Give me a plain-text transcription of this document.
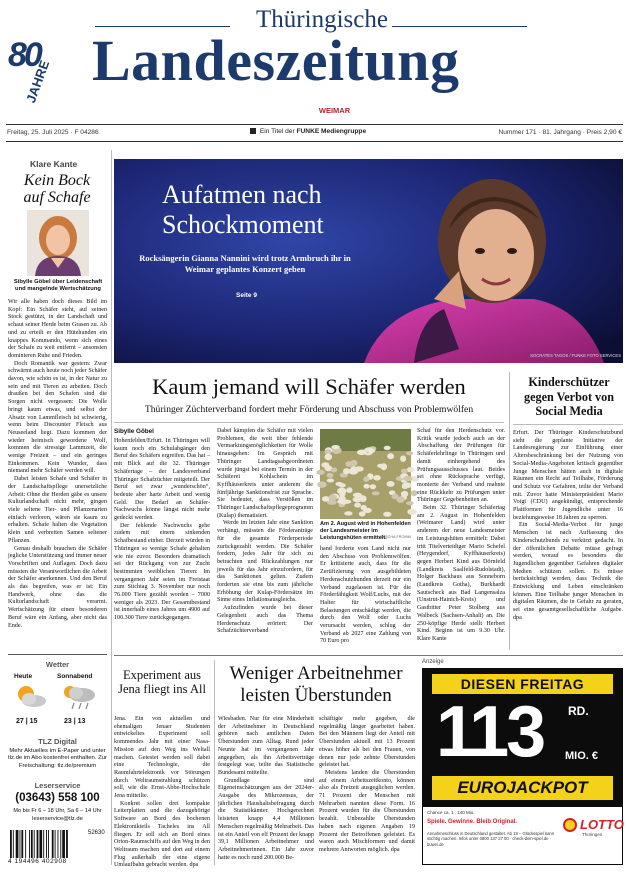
80
JAHRE
Thüringische
Landeszeitung
WEIMAR
Freitag, 25. Juli 2025 · F 04286	Ein Titel der FUNKE Mediengruppe	Nummer 171 · 81. Jahrgang · Preis 2,90 €
Klare Kante
Kein Bock auf Schafe
Sibylle Göbel über Leidenschaft und mangelnde Wertschätzung

Wir alle haben doch dieses Bild im Kopf: Ein Schäfer steht, auf seinen Stock gestützt, in der Landschaft und schaut seiner Herde beim Grasen zu. Ab und zu erteilt er den Hütehunden ein knappes Kommando, wenn sich eines der Schafe zu weit entfernt – ansonsten dominieren Ruhe und Frieden.

Doch Romantik war gestern: Zwar schwärmt auch heute noch jeder Schäfer davon, wie schön es ist, in der Natur zu sein und mit Tieren zu arbeiten. Doch draußen bei den Schafen sind die Sorgen nicht vergessen: Die Wolle bringt kaum etwas, und selbst der Absatz von Lammfleisch ist schwierig, wenn beim Discounter Fleisch aus Neuseeland liegt. Dazu kommen der wieder heimisch gewordene Wolf, kommen die stressige Lammzeit, die wenige Freizeit – und ein geringes Einkommen. Kein Wunder, dass niemand mehr Schäfer werden will.

Dabei leisten Schafe und Schäfer in der Landschaftspflege unersetzliche Arbeit: Ohne die Herden gäbe es unsere Kulturlandschaft nicht mehr, gingen viele seltene Tier- und Pflanzenarten einfach verloren, wären sie kaum zu erhalten. Schafe halten die Vegetation klein und verbreiten Samen seltener Pflanzen.

Genau deshalb brauchen die Schäfer jegliche Unterstützung und immer neuer Vorschriften und Auflagen. Doch dazu müssten die Verantwortlichen die Arbeit der Schäfer anerkennen. Und den Beruf als das begreifen, was er ist: Ein Handwerk, ohne das die Kulturlandschaft verarmt. Wertschätzung für einen besonderen Beruf wäre ein Anfang, aber nicht das Ende.

Wetter
Heute	Sonnabend
27 | 15	23 | 13
TLZ Digital
Mehr Aktuelles im E-Paper und unter tlz.de im Abo kostenfrei enthalten. Zur Freischaltung: tlz.de/premium
Leserservice
(03643) 558 100
Mo bis Fr 6 – 18 Uhr, Sa 6 – 14 Uhr
leserservice@tlz.de
52630
4 194496 402908
Aufatmen nach
Schockmoment
Rocksängerin Gianna Nannini wird trotz Armbruch ihr in Weimar geplantes Konzert geben
Seite 9
SOCRATES TAGOS / FUNKE FOTO SERVICES
Kaum jemand will Schäfer werden
Thüringer Züchterverband fordert mehr Förderung und Abschuss von Problemwölfen
Sibylle Göbel

Hohenfelden/Erfurt. In Thüringen will kaum noch ein Schulabgänger den Beruf des Schäfers ergreifen. Das hat – mit Blick auf die 32. Thüringer Schäfertage – der Landesverband Thüringer Schafzüchter mitgeteilt. Der Beruf sei zwar „wunderschön“, bedeute aber harte Arbeit und wenig Geld. Der Bedarf an Schäfer-Nachwuchs könne längst nicht mehr gedeckt werden.

Der fehlende Nachwuchs gehe zudem mit einem sinkenden Schafbestand einher. Derzeit würden in Thüringen so wenige Schafe gehalten wie nie zuvor. Besonders dramatisch sei der Rückgang von zur Zucht bestimmten weiblichen Tieren: Im vergangenen Jahr seien im Freistaat zum Stichtag 3. November nur noch 76.000 Tiere gezählt worden – 7000 weniger als 2023. Der Gesamtbestand ist innerhalb eines Jahres um 4900 auf 100.300 Tiere zurückgegangen.

Dabei kämpfen die Schäfer mit vielen Problemen, die weit über fehlende Vermarktungsmöglichkeiten für Wolle hinausgehen: Im Gespräch mit Thüringer Landtagsabgeordneten wurde jüngst bei einem Termin in der Schäferei Kohlschein im Kyffhäuserkreis unter anderem die fünfjährige Sanktionsfrist zur Sprache. Sie bedeutet, dass Verstößen im Thüringer Landschaftspflegeprogramm (Kulap) thematisiert.

Werde im letzten Jahr eine Sanktion verhängt, müssten die Förderanträge für die gesamte Förderperiode zurückgezahlt werden. Die Schäfer fordern, jedes Jahr für sich zu betrachten und Rückzahlungen nur jeweils für das Jahr einzufordern, für das Sanktionen gelten. Zudem forderten sie eine bis zum jährliche Erhöhung der Kulap-Fördersätze im Sinne eines Inflationsausgleichs.

Aufzufinden wurde bei dieser Gelegenheit auch das Thema Herdenschutz erörtert: Der Schafzüchterverband

Am 2. August wird in Hohenfelden der Landesmeister im Leistungshüten ermittelt.
SASCHA FROMM

hand forderte vom Land nicht nur den Abschuss von Problemwölfen. Er kritisierte auch, dass für die Zertifizierung von ausgebildeten Herdenschutzhunden derzeit nur ein Verband zugelassen ist. Für die Förderfähigkeit Wolf/Luchs, mit der Halter für wirtschaftliche Belastungen entschädigt werden, die durch den Wolf oder Luchs verursacht werden, schlug der Verband ab 2027 eine Zahlung von 70 Euro pro

Schaf für den Herdenschutz vor. Kritik wurde jedoch auch an der Abschaffung der Prüfungen für Schäferlehrlinge in Thüringen und damit einhergehend des Prüfungsausschusses laut. Beides sei ohne Rücksprache verfügt, monierte der Verband und mahnte eine Rückkehr zu Prüfungen unter Thüringer Gegebenheiten an.

Beim 32. Thüringer Schäfertag am 2. August in Hohenfelden (Weimarer Land) wird unter anderem der neue Landesmeister im Leistungshüten ermittelt: Dabei tritt Titelverteidiger Mario Schefel (Heygendorf, Kyffhäuserkreis) gegen Herbert Kind aus Dörnfeld (Landkreis Saalfeld-Rudolstadt), Holger Backhaus aus Sonneborn (Landkreis Gotha), Burkhardt Sautscheck aus Bad Langensalza (Unstrut-Hainich-Kreis) und Gastbitter Peter Stolberg aus Walbeck (Sachsen-Anhalt) an. Die 250-köpfige Herde stellt Herbert Kind. Beginn ist um 9.30 Uhr. Klare Kante

Kinderschützer gegen Verbot von Social Media

Erfurt. Der Thüringer Kinderschutzbund sieht die geplante Initiative der Landesregierung zur Einführung einer Altersbeschränkung bei der Nutzung von Social-Media-Angeboten kritisch gegenüber Junge Menschen hätten auch in digitale Räumen ein Recht auf Teilhabe, Förderung und Schutz vor Gefahren, teilte der Verband mit. Zuvor hatte Ministerpräsident Mario Voigt (CDU) angekündigt, entsprechende Plattformen für Jugendliche unter 16 beziehungsweise 18 Jahren zu sperren.

Ein Social-Media-Verbot für junge Menschen ist nach Auffassung des Kinderschutzbunds zu verkürzt gedacht. In der öffentlichen Debatte müsse gefragt werden, worauf es besonders die Jugendlichen gegenüber Gefahren digitaler Medien schützen sollen. Es müsse berücksichtigt werden, dass Technik die Entwicklung und Leben einschränken können. Eine Teilhabe junger Menschen in digitalen Räumen, die in Gefahr zu geraten, sei eine gesamtgesellschaftliche Aufgabe. dpa

Experiment aus Jena fliegt ins All

Jena. Ein von aktuellen und ehemaligen Jenaer Studenten entwickeltes Experiment soll kommendes Jahr mit einer Nasa-Mission auf den Weg ins Weltall machen. Getestet werden soll dabei eine Technologie, die Raumfahrtelektronik vor Störungen durch Weltraumstrahlung schützen soll, wie die Ernst-Abbe-Hochschule Jena mitteilte.

Konkret sollen drei kompakte Leiterplatten und die dazugehörige Software an Bord des bochenen Elektronikteils Tacheles ins All fliegen. Er soll sich an Bord eines Orion-Raumschiffs auf den Weg in den Weltraum machen und dort auf einem Flug außerhalb der eine eigene Umlaufbahn gebracht werden. dpa

Weniger Arbeitnehmer
leisten Überstunden

Wiesbaden. Nur für eine Minderheit der Arbeitnehmer in Deutschland gehören nach amtlichen Daten Überstunden zum Alltag. Rund jeder Neunte hat im vergangenen Jahr angegeben, als ihn Arbeitsverträge festgelegt war, teilte das Statistische Bundesamt mitteilte.

Grundlage sind Eigeneinschätzungen aus der 2024er-Ausgabe des Mikrozensus, der jährlichen Haushaltsbefragung durch die Statistikämter. Hochgerechnet leisteten knapp 4,4 Millionen Menschen regelmäßig Mehrarbeit. Das ist ein Anteil von elf Prozent der knapp 39,1 Millionen Arbeitnehmer und Arbeitnehmerinnen. Ein Jahr zuvor hatte es noch rund 200.000 Be-

schäftigte mehr gegeben, die regelmäßig länger gearbeitet haben. Bei den Männern liegt der Anteil mit Überstunden aktuell mit 13 Prozent etwas höher als bei den Frauen, von denen nur jede zehnte Überstunden geleistet hat.

Meistens landen die Überstunden auf einem Arbeitszeitkonto, können also als Freizeit ausgeglichen werden. 71 Prozent der Menschen mit Mehrarbeit nannten diese Form. 16 Prozent wurden für die Überstunden bezahlt. Unbezahlte Überstunden haben nach eigenen Angaben 19 Prozent der Betroffenen geleistet. Es waren auch Mischformen und damit mehrere Antworten möglich. dpa

Anzeige
DIESEN FREITAG
RD.
113 MIO. €
EUROJACKPOT
Chance ca. 1 : 140 Mio.
Spiele. Gewinne. Bleib Original.
Annahmeschluss in Deutschland gestaltet. Ab 18 – Glücksspiel kann süchtig machen. Infos unter 0800 137 27 00 · check-dein-spiel.de · buwei.de
LOTTO
Thüringen
